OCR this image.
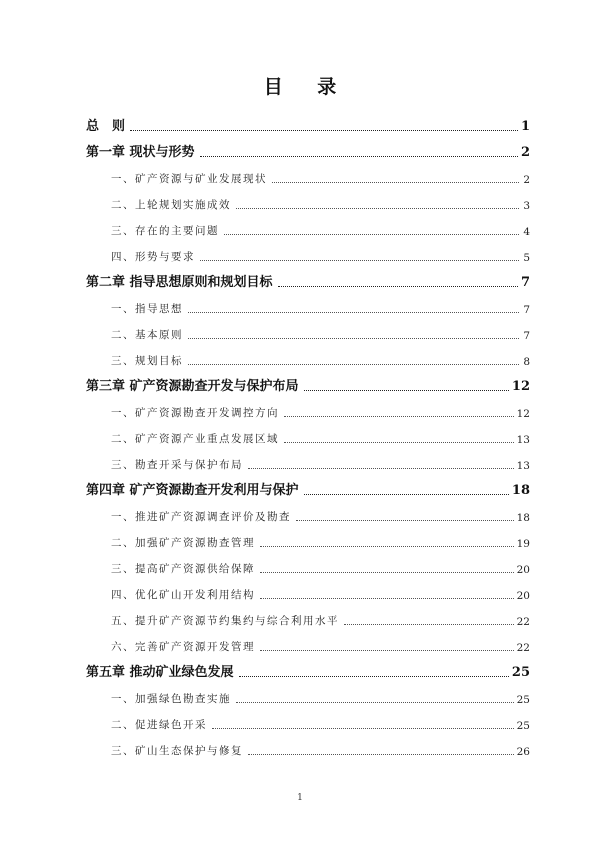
目 录
总　则	1
第一章 现状与形势	2
一、矿产资源与矿业发展现状	2
二、上轮规划实施成效	3
三、存在的主要问题	4
四、形势与要求	5
第二章 指导思想原则和规划目标	7
一、指导思想	7
二、基本原则	7
三、规划目标	8
第三章 矿产资源勘查开发与保护布局	12
一、矿产资源勘查开发调控方向	12
二、矿产资源产业重点发展区域	13
三、勘查开采与保护布局	13
第四章 矿产资源勘查开发利用与保护	18
一、推进矿产资源调查评价及勘查	18
二、加强矿产资源勘查管理	19
三、提高矿产资源供给保障	20
四、优化矿山开发利用结构	20
五、提升矿产资源节约集约与综合利用水平	22
六、完善矿产资源开发管理	22
第五章 推动矿业绿色发展	25
一、加强绿色勘查实施	25
二、促进绿色开采	25
三、矿山生态保护与修复	26
1
